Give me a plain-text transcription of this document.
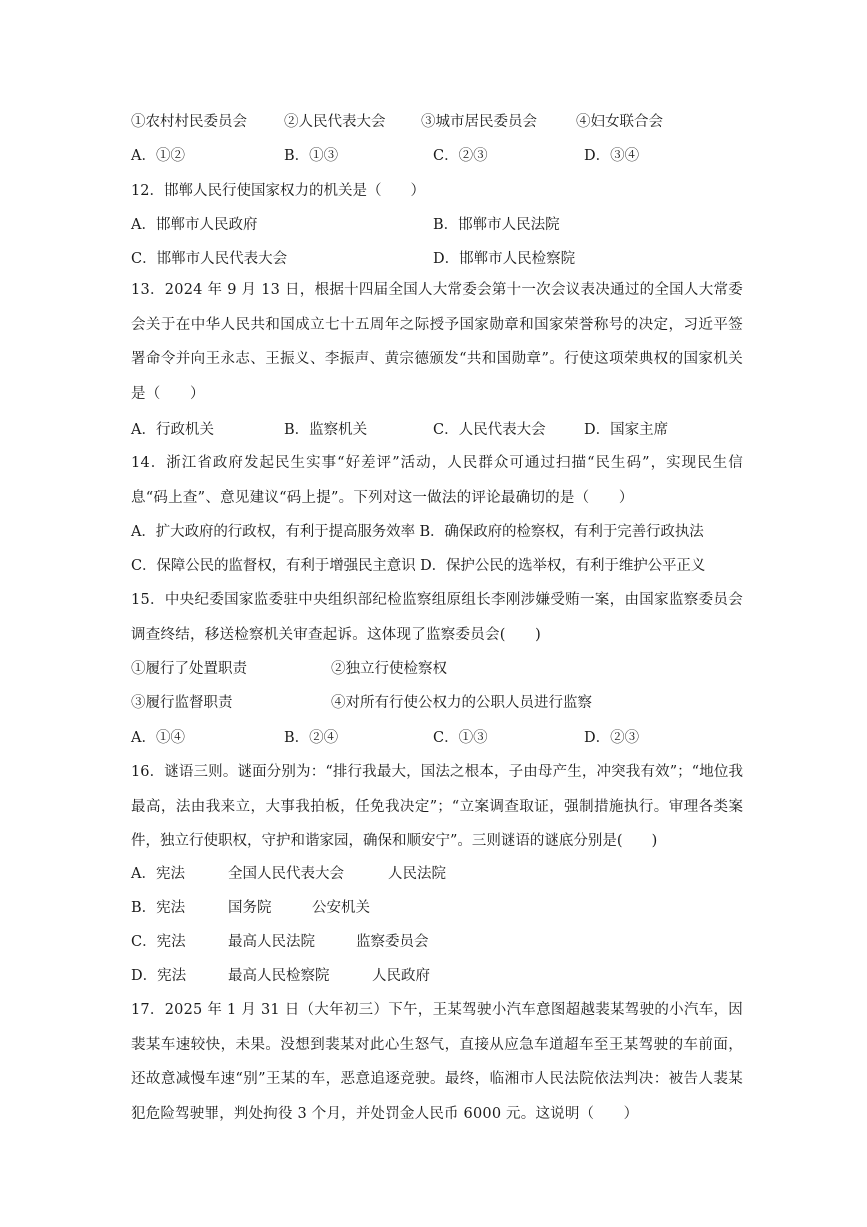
①农村村民委员会	②人民代表大会 ③城市居民委员会	④妇女联合会
A．①②	B．①③	C．②③	D．③④
12．邯郸人民行使国家权力的机关是（　　）
A．邯郸市人民政府	B．邯郸市人民法院
C．邯郸市人民代表大会	D．邯郸市人民检察院
13．2024 年 9 月 13 日，根据十四届全国人大常委会第十一次会议表决通过的全国人大常委会关于在中华人民共和国成立七十五周年之际授予国家勋章和国家荣誉称号的决定，习近平签署命令并向王永志、王振义、李振声、黄宗德颁发“共和国勋章”。行使这项荣典权的国家机关是（　　）
A．行政机关	B．监察机关	C．人民代表大会	D．国家主席
14．浙江省政府发起民生实事“好差评”活动，人民群众可通过扫描“民生码”，实现民生信息“码上查”、意见建议“码上提”。下列对这一做法的评论最确切的是（　　）
A．扩大政府的行政权，有利于提高服务效率 B．确保政府的检察权，有利于完善行政执法
C．保障公民的监督权，有利于增强民主意识 D．保护公民的选举权，有利于维护公平正义
15．中央纪委国家监委驻中央组织部纪检监察组原组长李刚涉嫌受贿一案，由国家监察委员会调查终结，移送检察机关审查起诉。这体现了监察委员会(　　)
①履行了处置职责	②独立行使检察权
③履行监督职责	④对所有行使公权力的公职人员进行监察
A．①④	B．②④	C．①③	D．②③
16．谜语三则。谜面分别为：“排行我最大，国法之根本，子由母产生，冲突我有效”；“地位我最高，法由我来立，大事我拍板，任免我决定”；“立案调查取证，强制措施执行。审理各类案件，独立行使职权，守护和谐家园，确保和顺安宁”。三则谜语的谜底分别是(　　)
A．宪法	全国人民代表大会	人民法院
B．宪法	国务院	公安机关
C．宪法	最高人民法院	监察委员会
D．宪法	最高人民检察院	人民政府
17．2025 年 1 月 31 日（大年初三）下午，王某驾驶小汽车意图超越裴某驾驶的小汽车，因裴某车速较快，未果。没想到裴某对此心生怒气，直接从应急车道超车至王某驾驶的车前面，还故意减慢车速“别”王某的车，恶意追逐竞驶。最终，临湘市人民法院依法判决：被告人裴某犯危险驾驶罪，判处拘役 3 个月，并处罚金人民币 6000 元。这说明（　　）
